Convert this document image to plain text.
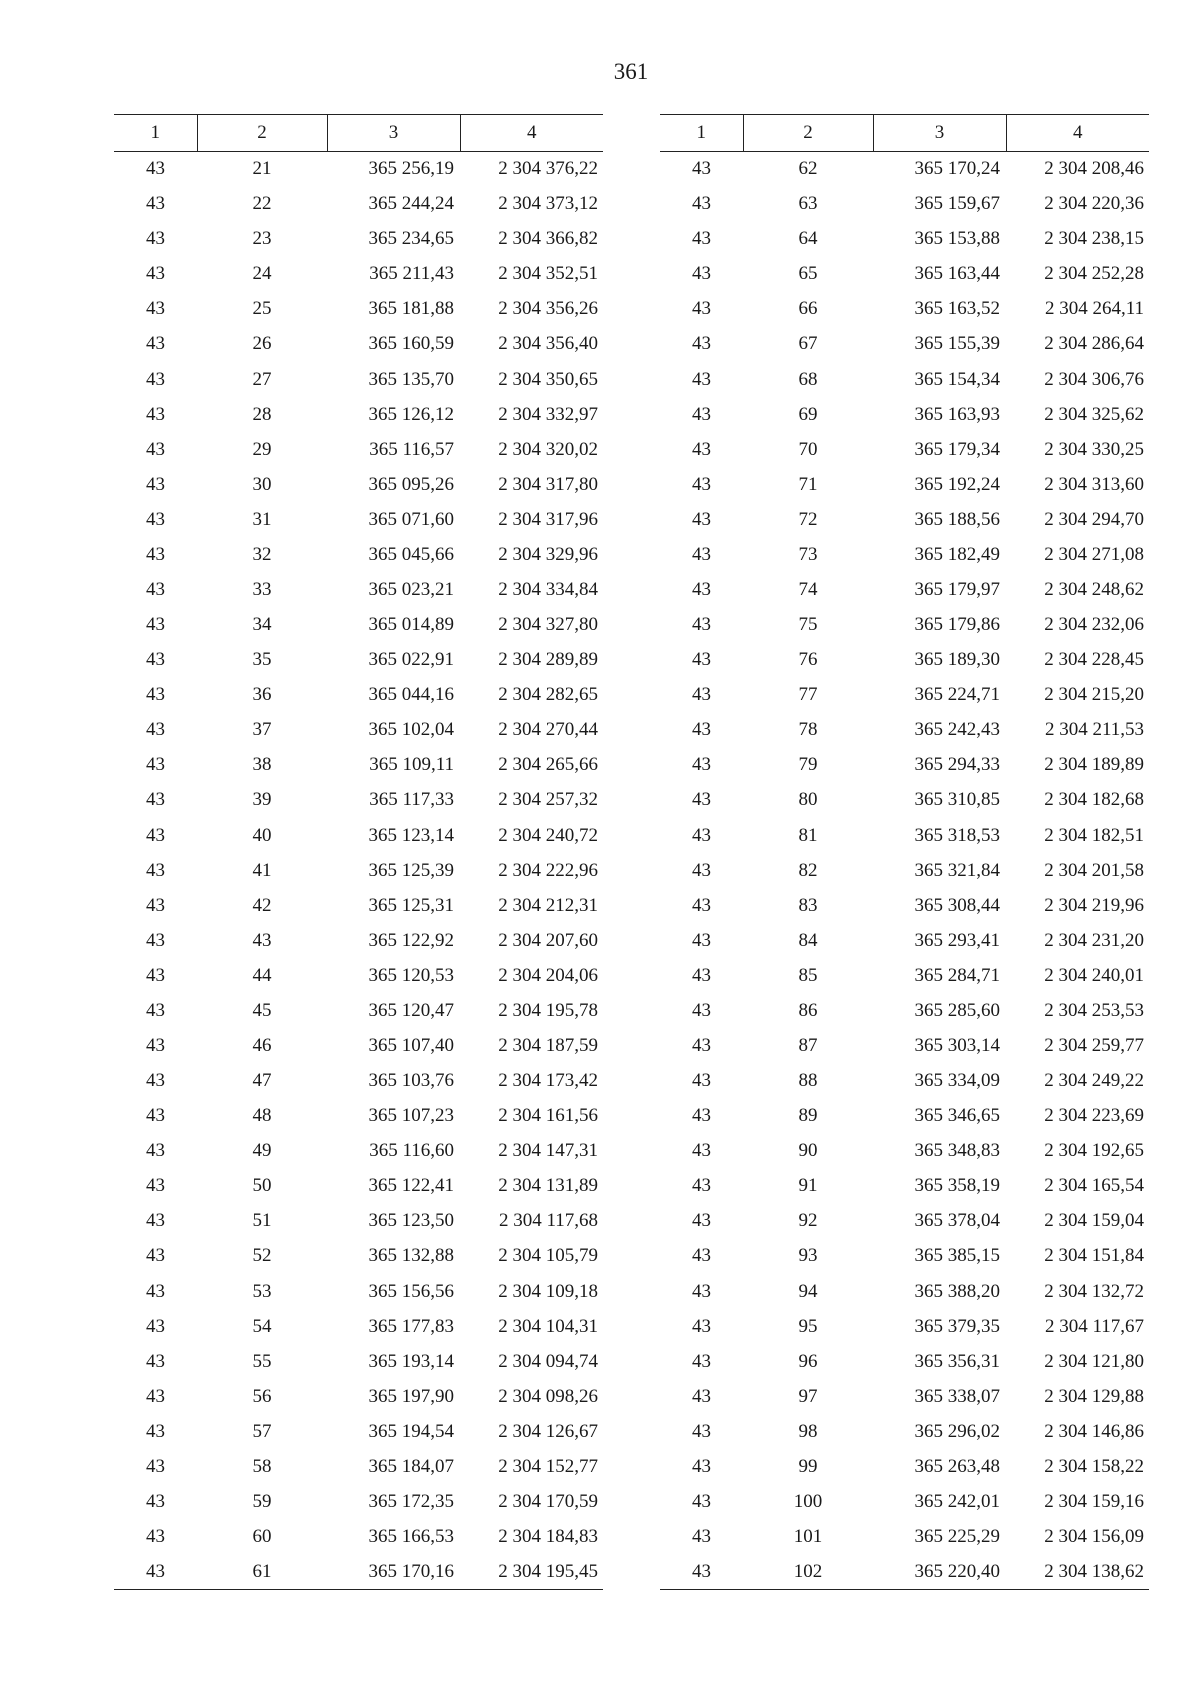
361
1	2	3	4
43	21	365 256,19	2 304 376,22
43	22	365 244,24	2 304 373,12
43	23	365 234,65	2 304 366,82
43	24	365 211,43	2 304 352,51
43	25	365 181,88	2 304 356,26
43	26	365 160,59	2 304 356,40
43	27	365 135,70	2 304 350,65
43	28	365 126,12	2 304 332,97
43	29	365 116,57	2 304 320,02
43	30	365 095,26	2 304 317,80
43	31	365 071,60	2 304 317,96
43	32	365 045,66	2 304 329,96
43	33	365 023,21	2 304 334,84
43	34	365 014,89	2 304 327,80
43	35	365 022,91	2 304 289,89
43	36	365 044,16	2 304 282,65
43	37	365 102,04	2 304 270,44
43	38	365 109,11	2 304 265,66
43	39	365 117,33	2 304 257,32
43	40	365 123,14	2 304 240,72
43	41	365 125,39	2 304 222,96
43	42	365 125,31	2 304 212,31
43	43	365 122,92	2 304 207,60
43	44	365 120,53	2 304 204,06
43	45	365 120,47	2 304 195,78
43	46	365 107,40	2 304 187,59
43	47	365 103,76	2 304 173,42
43	48	365 107,23	2 304 161,56
43	49	365 116,60	2 304 147,31
43	50	365 122,41	2 304 131,89
43	51	365 123,50	2 304 117,68
43	52	365 132,88	2 304 105,79
43	53	365 156,56	2 304 109,18
43	54	365 177,83	2 304 104,31
43	55	365 193,14	2 304 094,74
43	56	365 197,90	2 304 098,26
43	57	365 194,54	2 304 126,67
43	58	365 184,07	2 304 152,77
43	59	365 172,35	2 304 170,59
43	60	365 166,53	2 304 184,83
43	61	365 170,16	2 304 195,45
1	2	3	4
43	62	365 170,24	2 304 208,46
43	63	365 159,67	2 304 220,36
43	64	365 153,88	2 304 238,15
43	65	365 163,44	2 304 252,28
43	66	365 163,52	2 304 264,11
43	67	365 155,39	2 304 286,64
43	68	365 154,34	2 304 306,76
43	69	365 163,93	2 304 325,62
43	70	365 179,34	2 304 330,25
43	71	365 192,24	2 304 313,60
43	72	365 188,56	2 304 294,70
43	73	365 182,49	2 304 271,08
43	74	365 179,97	2 304 248,62
43	75	365 179,86	2 304 232,06
43	76	365 189,30	2 304 228,45
43	77	365 224,71	2 304 215,20
43	78	365 242,43	2 304 211,53
43	79	365 294,33	2 304 189,89
43	80	365 310,85	2 304 182,68
43	81	365 318,53	2 304 182,51
43	82	365 321,84	2 304 201,58
43	83	365 308,44	2 304 219,96
43	84	365 293,41	2 304 231,20
43	85	365 284,71	2 304 240,01
43	86	365 285,60	2 304 253,53
43	87	365 303,14	2 304 259,77
43	88	365 334,09	2 304 249,22
43	89	365 346,65	2 304 223,69
43	90	365 348,83	2 304 192,65
43	91	365 358,19	2 304 165,54
43	92	365 378,04	2 304 159,04
43	93	365 385,15	2 304 151,84
43	94	365 388,20	2 304 132,72
43	95	365 379,35	2 304 117,67
43	96	365 356,31	2 304 121,80
43	97	365 338,07	2 304 129,88
43	98	365 296,02	2 304 146,86
43	99	365 263,48	2 304 158,22
43	100	365 242,01	2 304 159,16
43	101	365 225,29	2 304 156,09
43	102	365 220,40	2 304 138,62
